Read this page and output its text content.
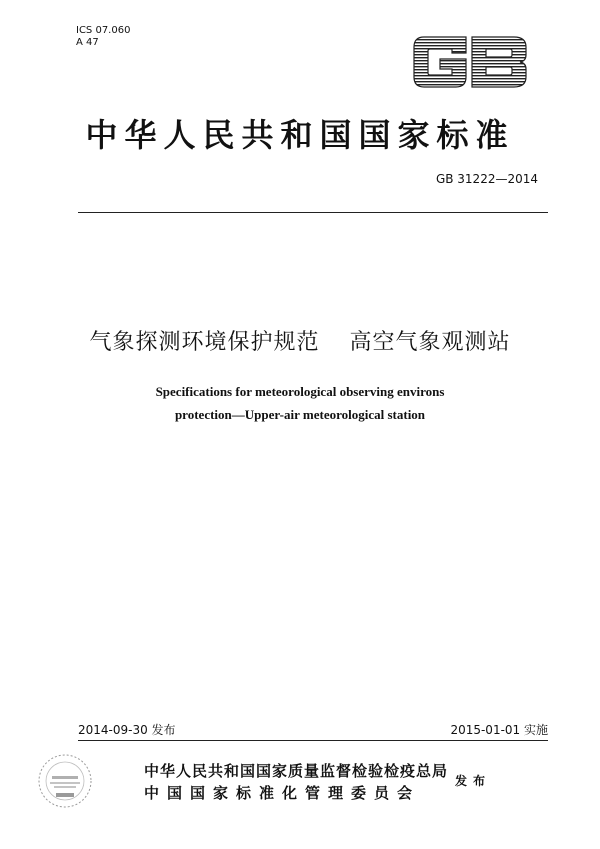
ICS 07.060
A 47
中华人民共和国国家标准
GB 31222—2014
气象探测环境保护规范 高空气象观测站
Specifications for meteorological observing environs
protection—Upper-air meteorological station
2014-09-30 发布	2015-01-01 实施
中华人民共和国国家质量监督检验检疫总局
中国国家标准化管理委员会
发布
